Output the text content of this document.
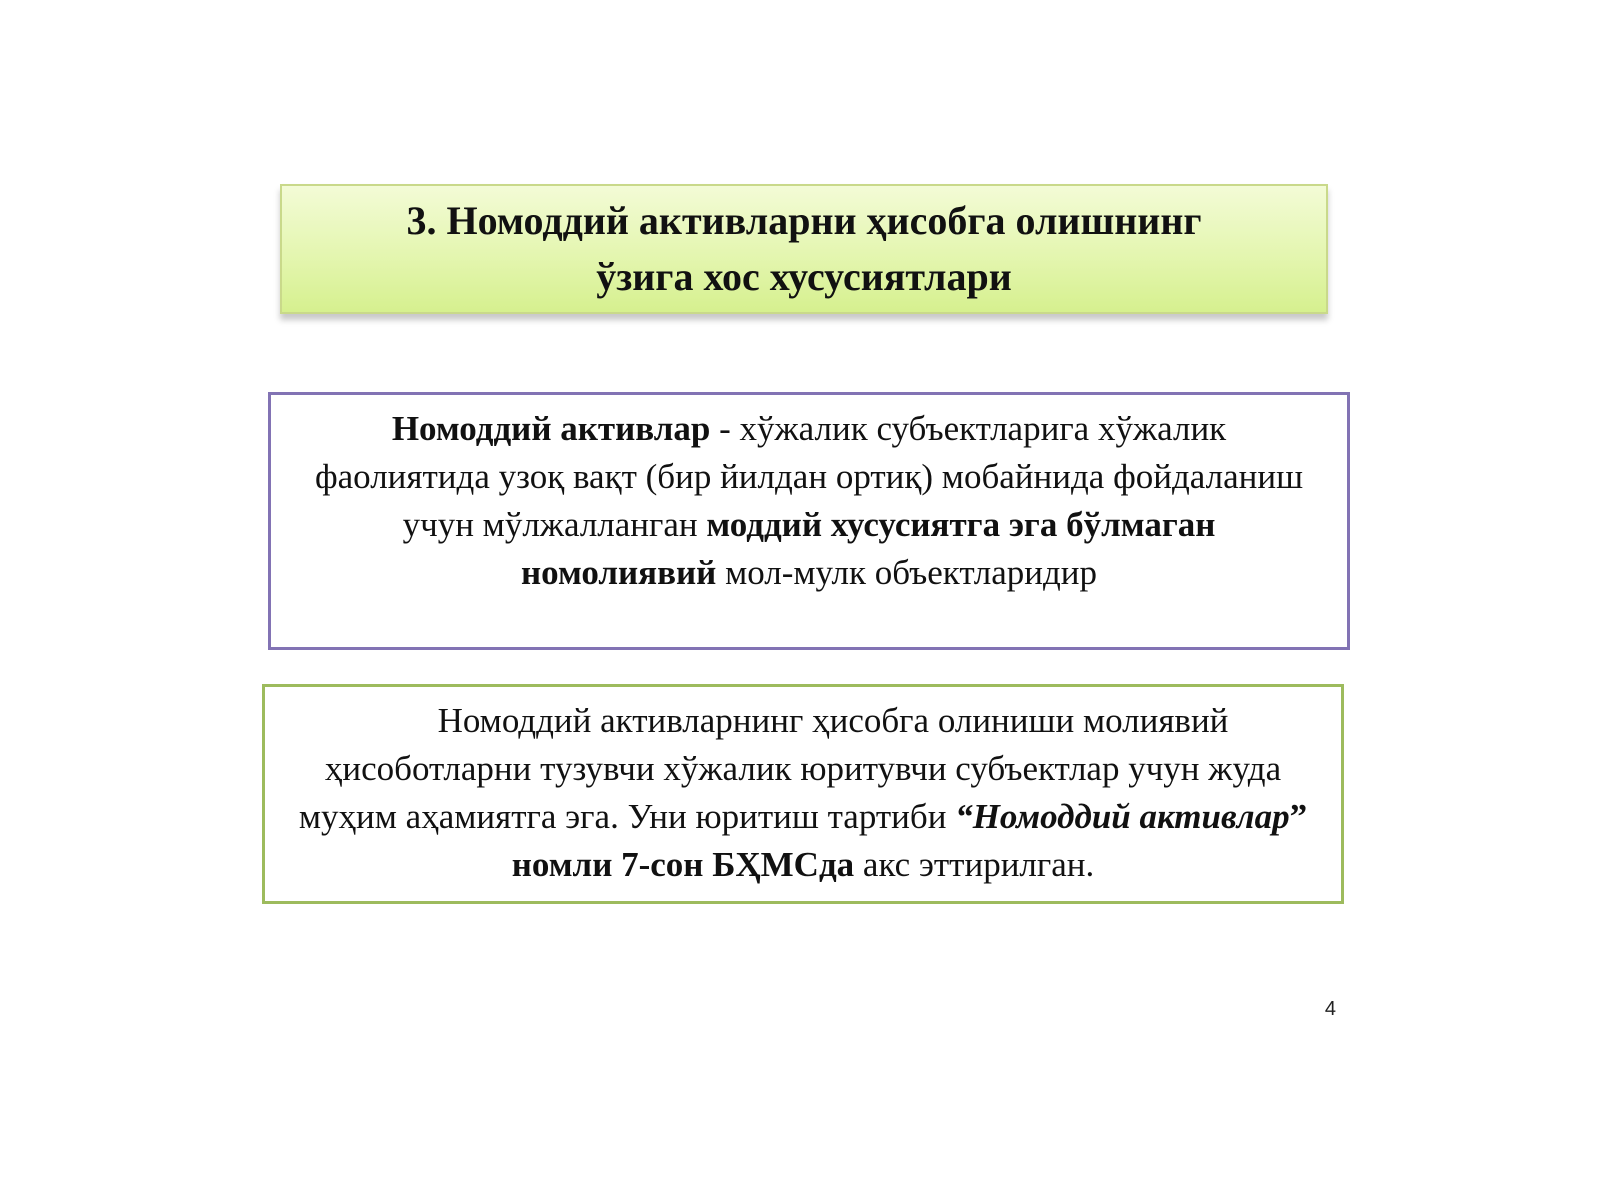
3. Номоддий активларни ҳисобга олишнинг
ўзига хос хусусиятлари

Номоддий активлар - хўжалик субъектларига хўжалик фаолиятида узоқ вақт (бир йилдан ортиқ) мобайнида фойдаланиш учун мўлжалланган моддий хусусиятга эга бўлмаган номолиявий мол-мулк объектларидир

Номоддий активларнинг ҳисобга олиниши молиявий ҳисоботларни тузувчи хўжалик юритувчи субъектлар учун жуда муҳим аҳамиятга эга. Уни юритиш тартиби “Номоддий активлар” номли 7-сон БҲМСда акс эттирилган.

4
